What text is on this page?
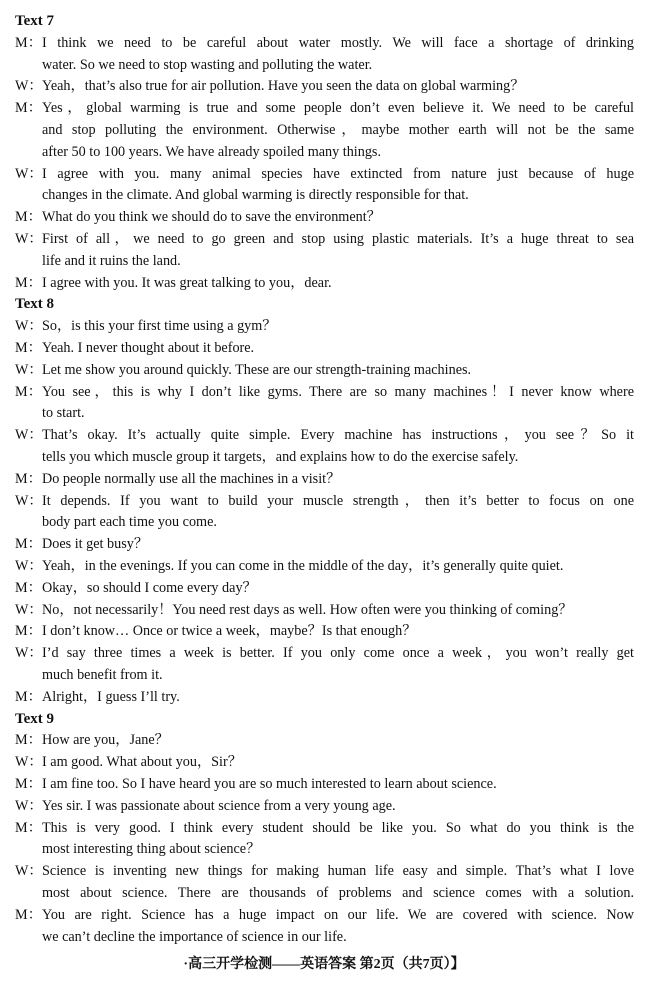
Text 7
M：I think we need to be careful about water mostly. We will face a shortage of drinking
water. So we need to stop wasting and polluting the water.
W：Yeah，that’s also true for air pollution. Have you seen the data on global warming？
M：Yes，global warming is true and some people don’t even believe it. We need to be careful
and stop polluting the environment. Otherwise，maybe mother earth will not be the same
after 50 to 100 years. We have already spoiled many things.
W：I agree with you. many animal species have extincted from nature just because of huge
changes in the climate. And global warming is directly responsible for that.
M：What do you think we should do to save the environment？
W：First of all，we need to go green and stop using plastic materials. It’s a huge threat to sea
life and it ruins the land.
M：I agree with you. It was great talking to you，dear.
Text 8
W：So，is this your first time using a gym？
M：Yeah. I never thought about it before.
W：Let me show you around quickly. These are our strength-training machines.
M：You see，this is why I don’t like gyms. There are so many machines！I never know where
to start.
W：That’s okay. It’s actually quite simple. Every machine has instructions，you see？So it
tells you which muscle group it targets，and explains how to do the exercise safely.
M：Do people normally use all the machines in a visit？
W：It depends. If you want to build your muscle strength，then it’s better to focus on one
body part each time you come.
M：Does it get busy？
W：Yeah，in the evenings. If you can come in the middle of the day，it’s generally quite quiet.
M：Okay，so should I come every day？
W：No，not necessarily！You need rest days as well. How often were you thinking of coming？
M：I don’t know… Once or twice a week，maybe？Is that enough？
W：I’d say three times a week is better. If you only come once a week，you won’t really get
much benefit from it.
M：Alright，I guess I’ll try.
Text 9
M：How are you，Jane？
W：I am good. What about you，Sir？
M：I am fine too. So I have heard you are so much interested to learn about science.
W：Yes sir. I was passionate about science from a very young age.
M：This is very good. I think every student should be like you. So what do you think is the
most interesting thing about science？
W：Science is inventing new things for making human life easy and simple. That’s what I love
most about science. There are thousands of problems and science comes with a solution.
M：You are right. Science has a huge impact on our life. We are covered with science. Now
we can’t decline the importance of science in our life.
·高三开学检测——英语答案 第2页（共7页）】
